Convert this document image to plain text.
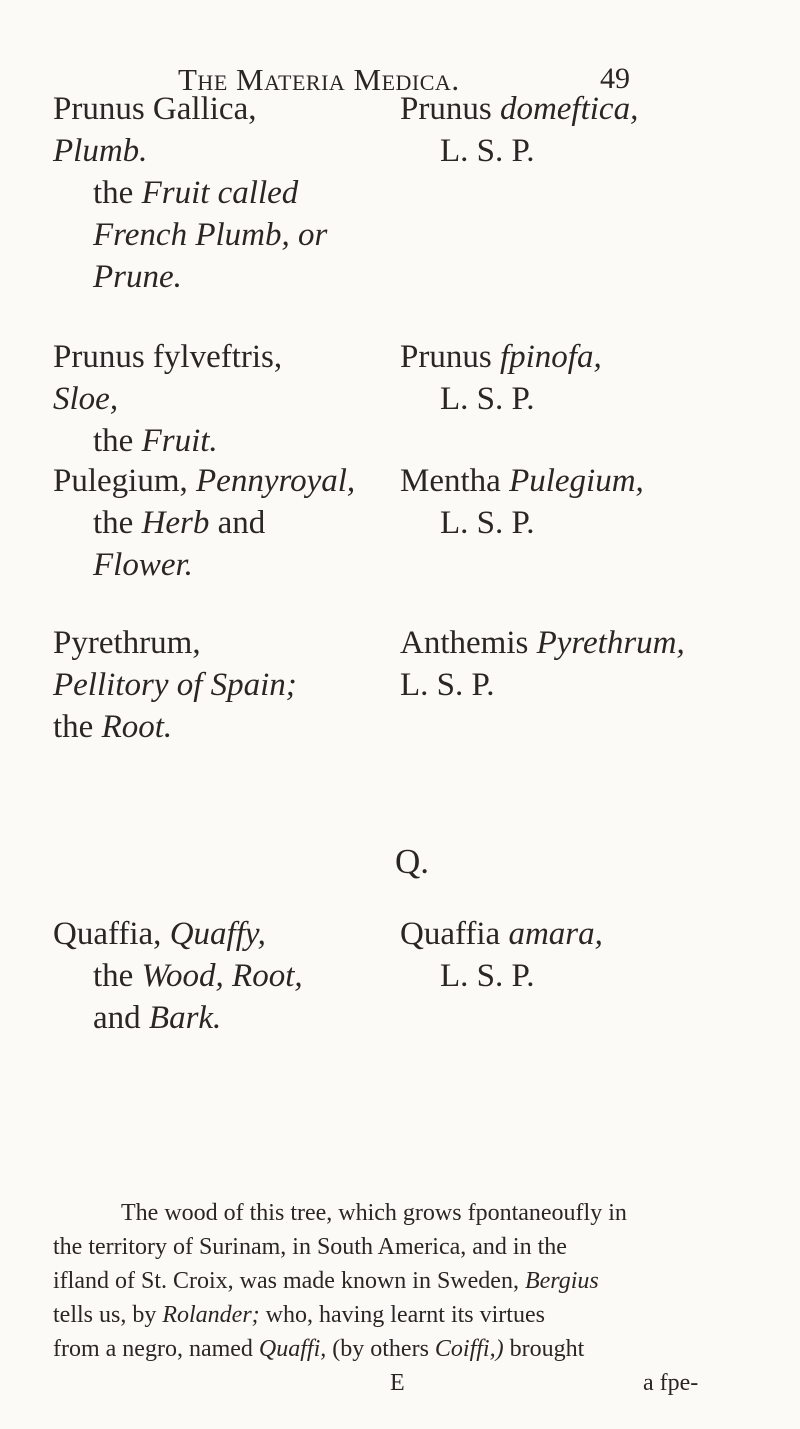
The Materia Medica.	49
Prunus Gallica,
Plumb.
the Fruit called
French Plumb, or
Prune.
Prunus domeftica,
L. S. P.
Prunus fylveftris,
Sloe,
the Fruit.
Prunus fpinofa,
L. S. P.
Pulegium, Pennyroyal,
the Herb and
Flower.
Mentha Pulegium,
L. S. P.
Pyrethrum,
Pellitory of Spain;
the Root.
Anthemis Pyrethrum,
L. S. P.
Q.
Quaffia, Quaffy,
the Wood, Root,
and Bark.
Quaffia amara,
L. S. P.
The wood of this tree, which grows fpontaneoufly in
the territory of Surinam, in South America, and in the
ifland of St. Croix, was made known in Sweden, Bergius
tells us, by Rolander; who, having learnt its virtues
from a negro, named Quaffi, (by others Coiffi,) brought
E	a fpe-
